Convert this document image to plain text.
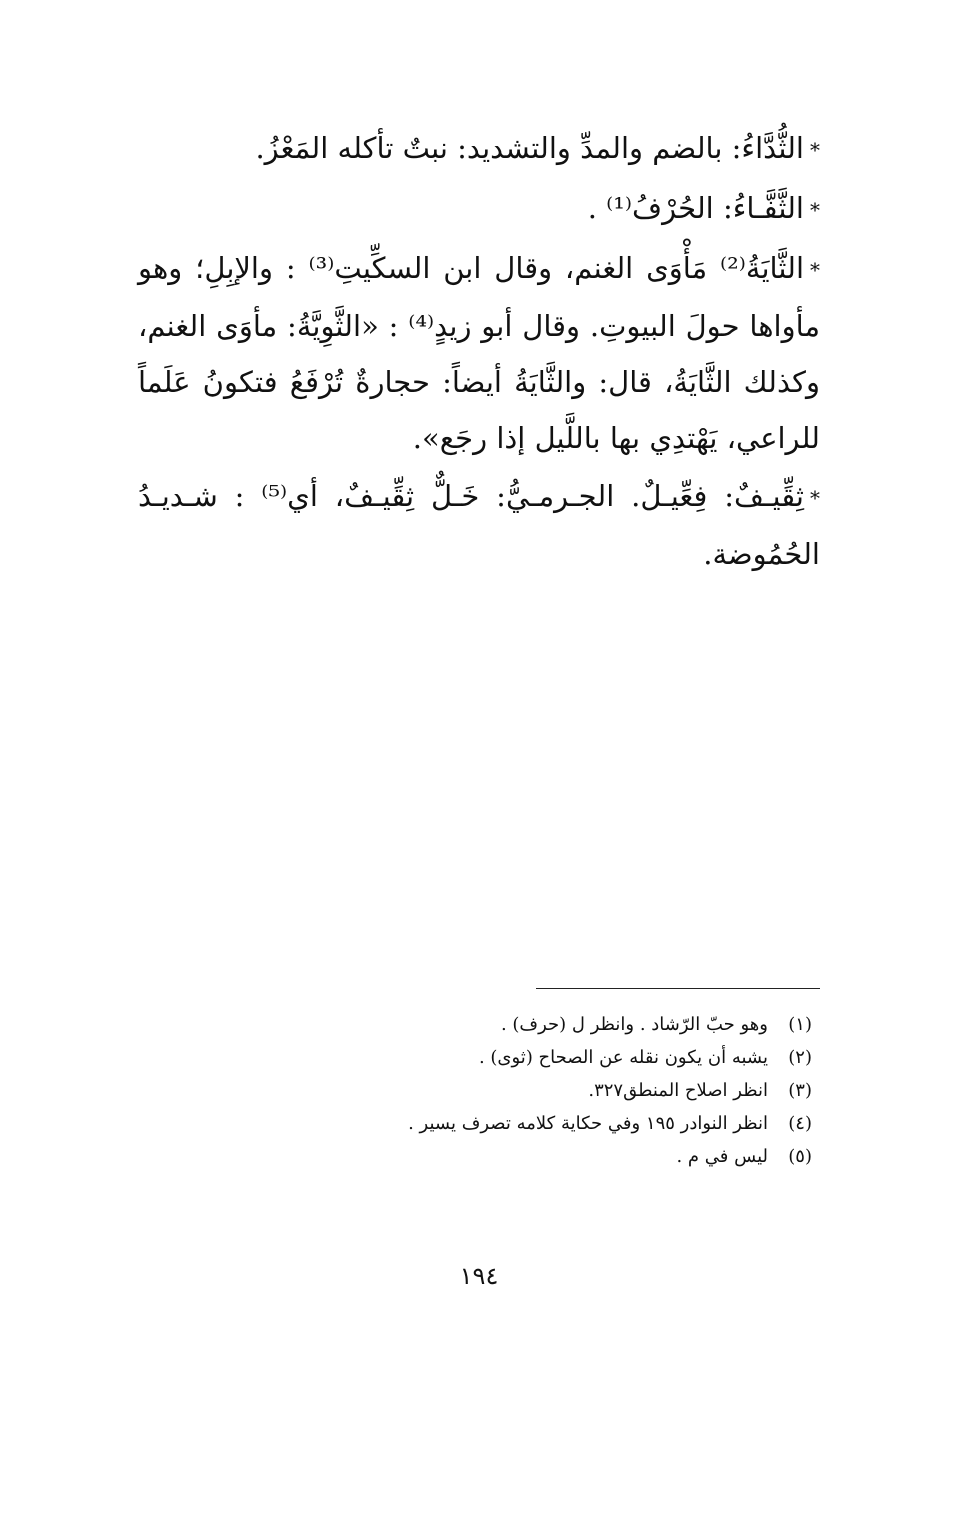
*الثُّدَّاءُ: بالضم والمدِّ والتشديد: نبتٌ تأكله المَعْزُ.

*الثَّفَّـاءُ: الحُرْفُ⁽¹⁾ .

*الثَّايَةُ⁽²⁾ مَأْوَى الغنم، وقال ابن السكِّيتِ⁽³⁾ : والإبِلِ؛ وهو مأواها حولَ البيوتِ. وقال أبو زيدٍ⁽⁴⁾ : «الثَّوِيَّةُ: مأوَى الغنم، وكذلك الثَّايَةُ، قال: والثَّايَةُ أيضاً: حجارةٌ تُرْفَعُ فتكونُ عَلَماً للراعي، يَهْتدِي بها باللَّيل إذا رجَع».

*ثِقِّيـفٌ: فِعِّيـلٌ. الجـرمـيُّ: خَـلٌّ ثِقِّيـفٌ، أي⁽⁵⁾ : شـديـدُ الحُمُوضة.

(١)وهو حبّ الرّشاد . وانظر ل (حرف) .
(٢)يشبه أن يكون نقله عن الصحاح (ثوى) .
(٣)انظر اصلاح المنطق٣٢٧.
(٤)انظر النوادر ١٩٥ وفي حكاية كلامه تصرف يسير .
(٥)ليس في م .
١٩٤
